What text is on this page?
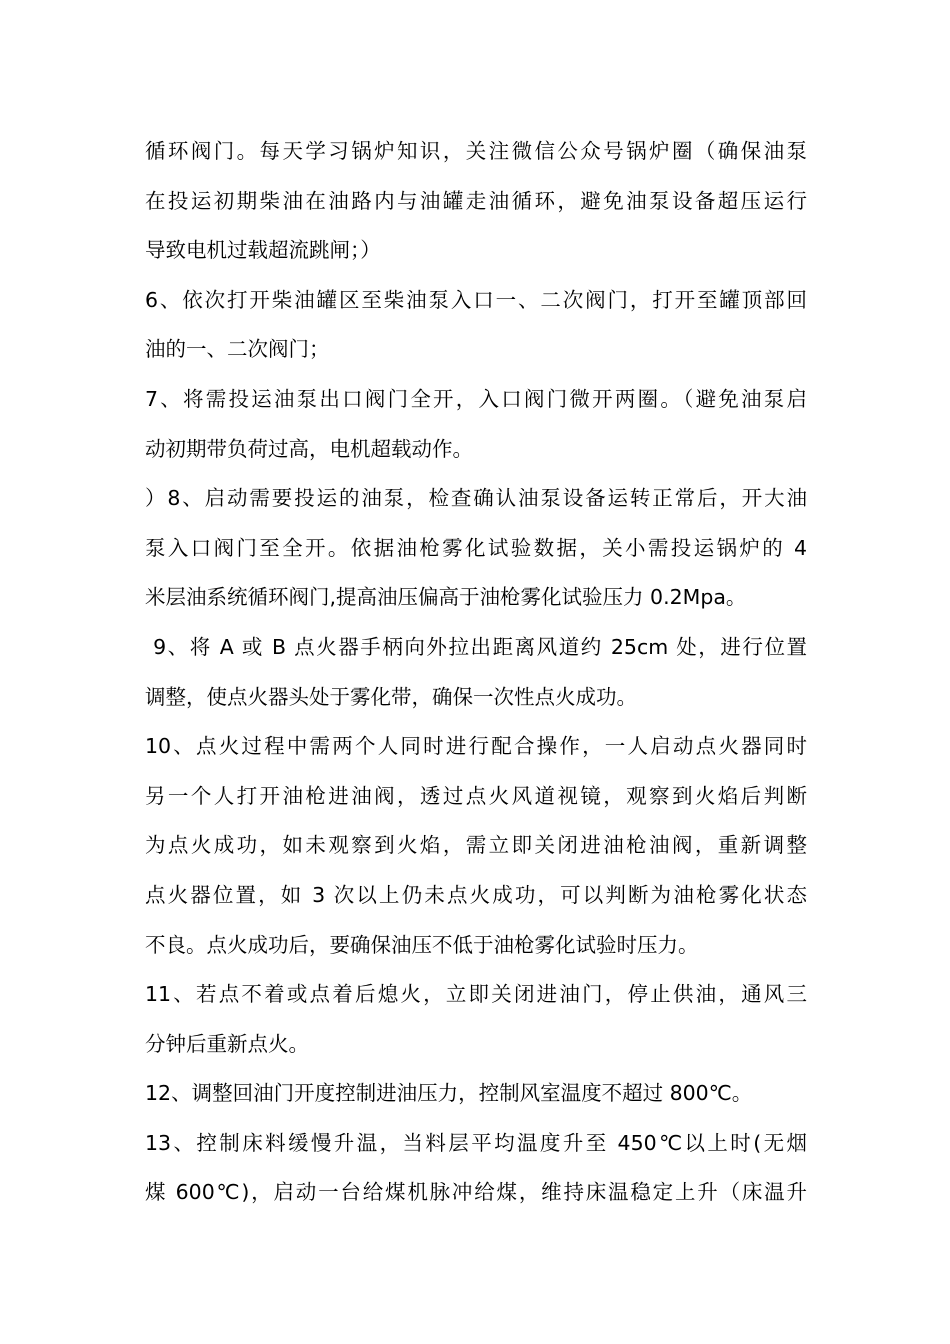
循环阀门。每天学习锅炉知识，关注微信公众号锅炉圈（确保油泵
在投运初期柴油在油路内与油罐走油循环，避免油泵设备超压运行
导致电机过载超流跳闸；）
6、依次打开柴油罐区至柴油泵入口一、二次阀门，打开至罐顶部回
油的一、二次阀门；
7、将需投运油泵出口阀门全开，入口阀门微开两圈。（避免油泵启
动初期带负荷过高，电机超载动作。
）8、启动需要投运的油泵，检查确认油泵设备运转正常后，开大油
泵入口阀门至全开。依据油枪雾化试验数据，关小需投运锅炉的 4
米层油系统循环阀门,提高油压偏高于油枪雾化试验压力 0.2Mpa。
9、将 A 或 B 点火器手柄向外拉出距离风道约 25cm 处，进行位置
调整，使点火器头处于雾化带，确保一次性点火成功。
10、点火过程中需两个人同时进行配合操作，一人启动点火器同时
另一个人打开油枪进油阀，透过点火风道视镜，观察到火焰后判断
为点火成功，如未观察到火焰，需立即关闭进油枪油阀，重新调整
点火器位置，如 3 次以上仍未点火成功，可以判断为油枪雾化状态
不良。点火成功后，要确保油压不低于油枪雾化试验时压力。
11、若点不着或点着后熄火，立即关闭进油门，停止供油，通风三
分钟后重新点火。
12、调整回油门开度控制进油压力，控制风室温度不超过 800℃。
13、控制床料缓慢升温，当料层平均温度升至 450℃以上时(无烟
煤 600℃)，启动一台给煤机脉冲给煤，维持床温稳定上升（床温升
